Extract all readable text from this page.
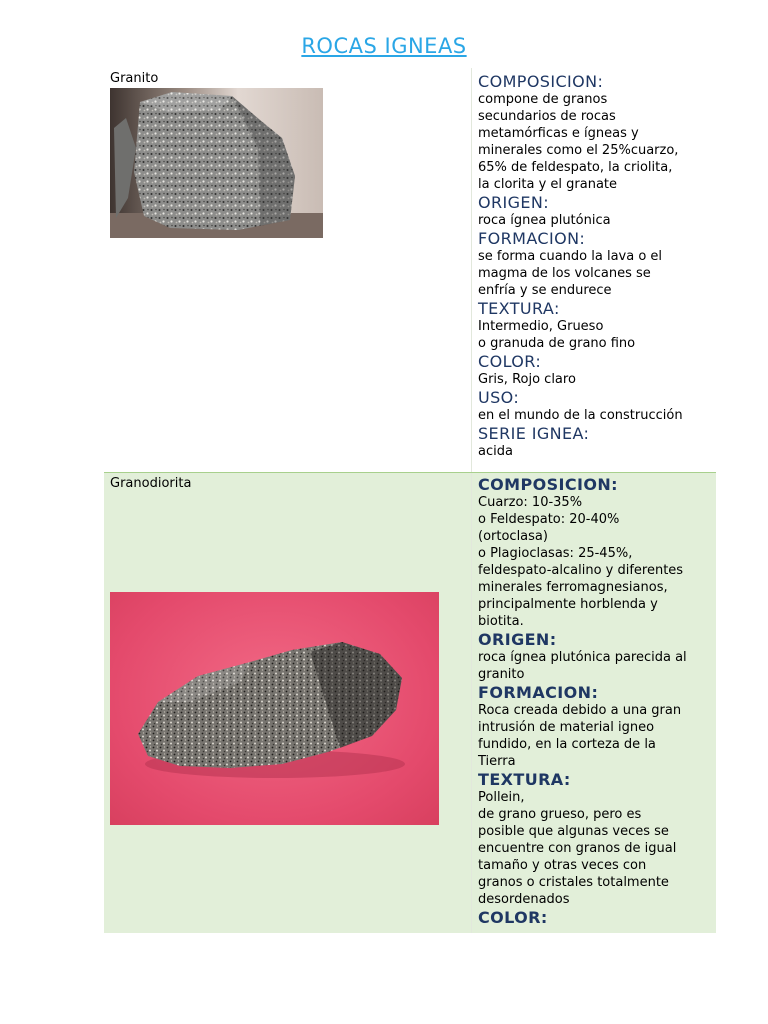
ROCAS IGNEAS
Granito	COMPOSICION:
compone de granos
secundarios de rocas
metamórficas e ígneas y
minerales como el 25%cuarzo,
65% de feldespato, la criolita,
la clorita y el granate
ORIGEN:
roca ígnea plutónica
FORMACION:
se forma cuando la lava o el
magma de los volcanes se
enfría y se endurece
TEXTURA:
Intermedio, Grueso
o granuda de grano fino
COLOR:
Gris, Rojo claro
USO:
en el mundo de la construcción
SERIE IGNEA:
acida
Granodiorita	COMPOSICION:
Cuarzo: 10-35%
o Feldespato: 20-40%
(ortoclasa)
o Plagioclasas: 25-45%,
feldespato-alcalino y diferentes
minerales ferromagnesianos,
principalmente horblenda y
biotita.
ORIGEN:
roca ígnea plutónica parecida al
granito
FORMACION:
Roca creada debido a una gran
intrusión de material igneo
fundido, en la corteza de la
Tierra
TEXTURA:
Pollein,
de grano grueso, pero es
posible que algunas veces se
encuentre con granos de igual
tamaño y otras veces con
granos o cristales totalmente
desordenados
COLOR:
